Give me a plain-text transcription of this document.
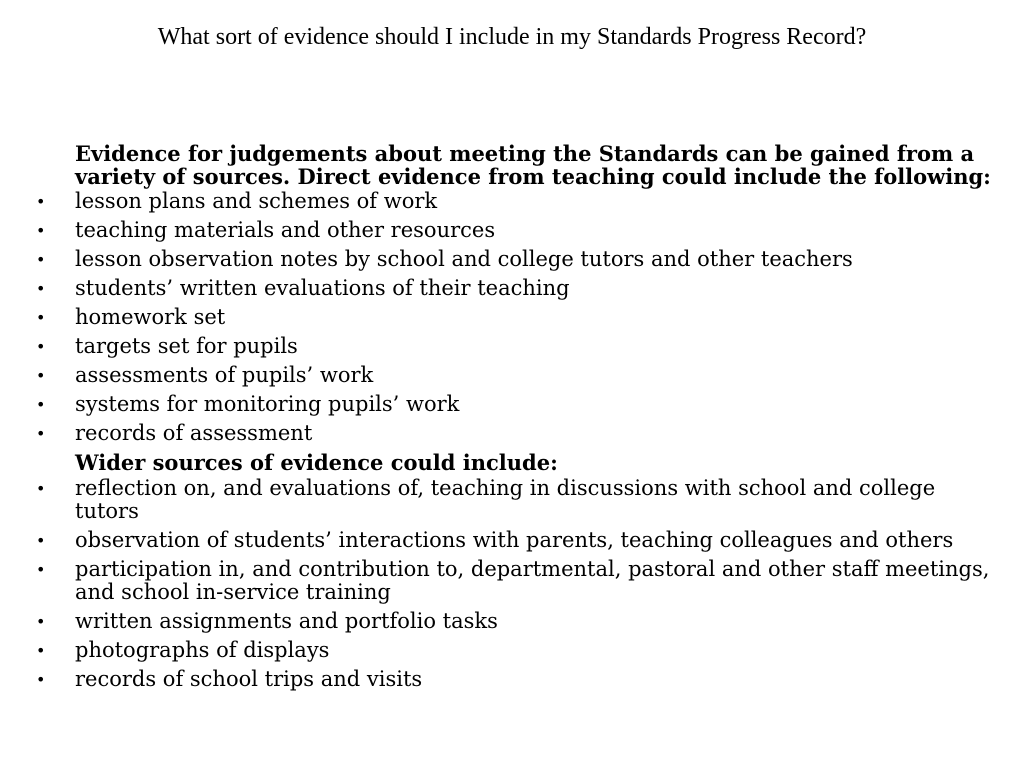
What sort of evidence should I include in my Standards Progress Record?

Evidence for judgements about meeting the Standards can be gained from a variety of sources. Direct evidence from teaching could include the following:

• lesson plans and schemes of work
• teaching materials and other resources
• lesson observation notes by school and college tutors and other teachers
• students’ written evaluations of their teaching
• homework set
• targets set for pupils
• assessments of pupils’ work
• systems for monitoring pupils’ work
• records of assessment

Wider sources of evidence could include:

• reflection on, and evaluations of, teaching in discussions with school and college tutors
• observation of students’ interactions with parents, teaching colleagues and others
• participation in, and contribution to, departmental, pastoral and other staff meetings, and school in-service training
• written assignments and portfolio tasks
• photographs of displays
• records of school trips and visits
